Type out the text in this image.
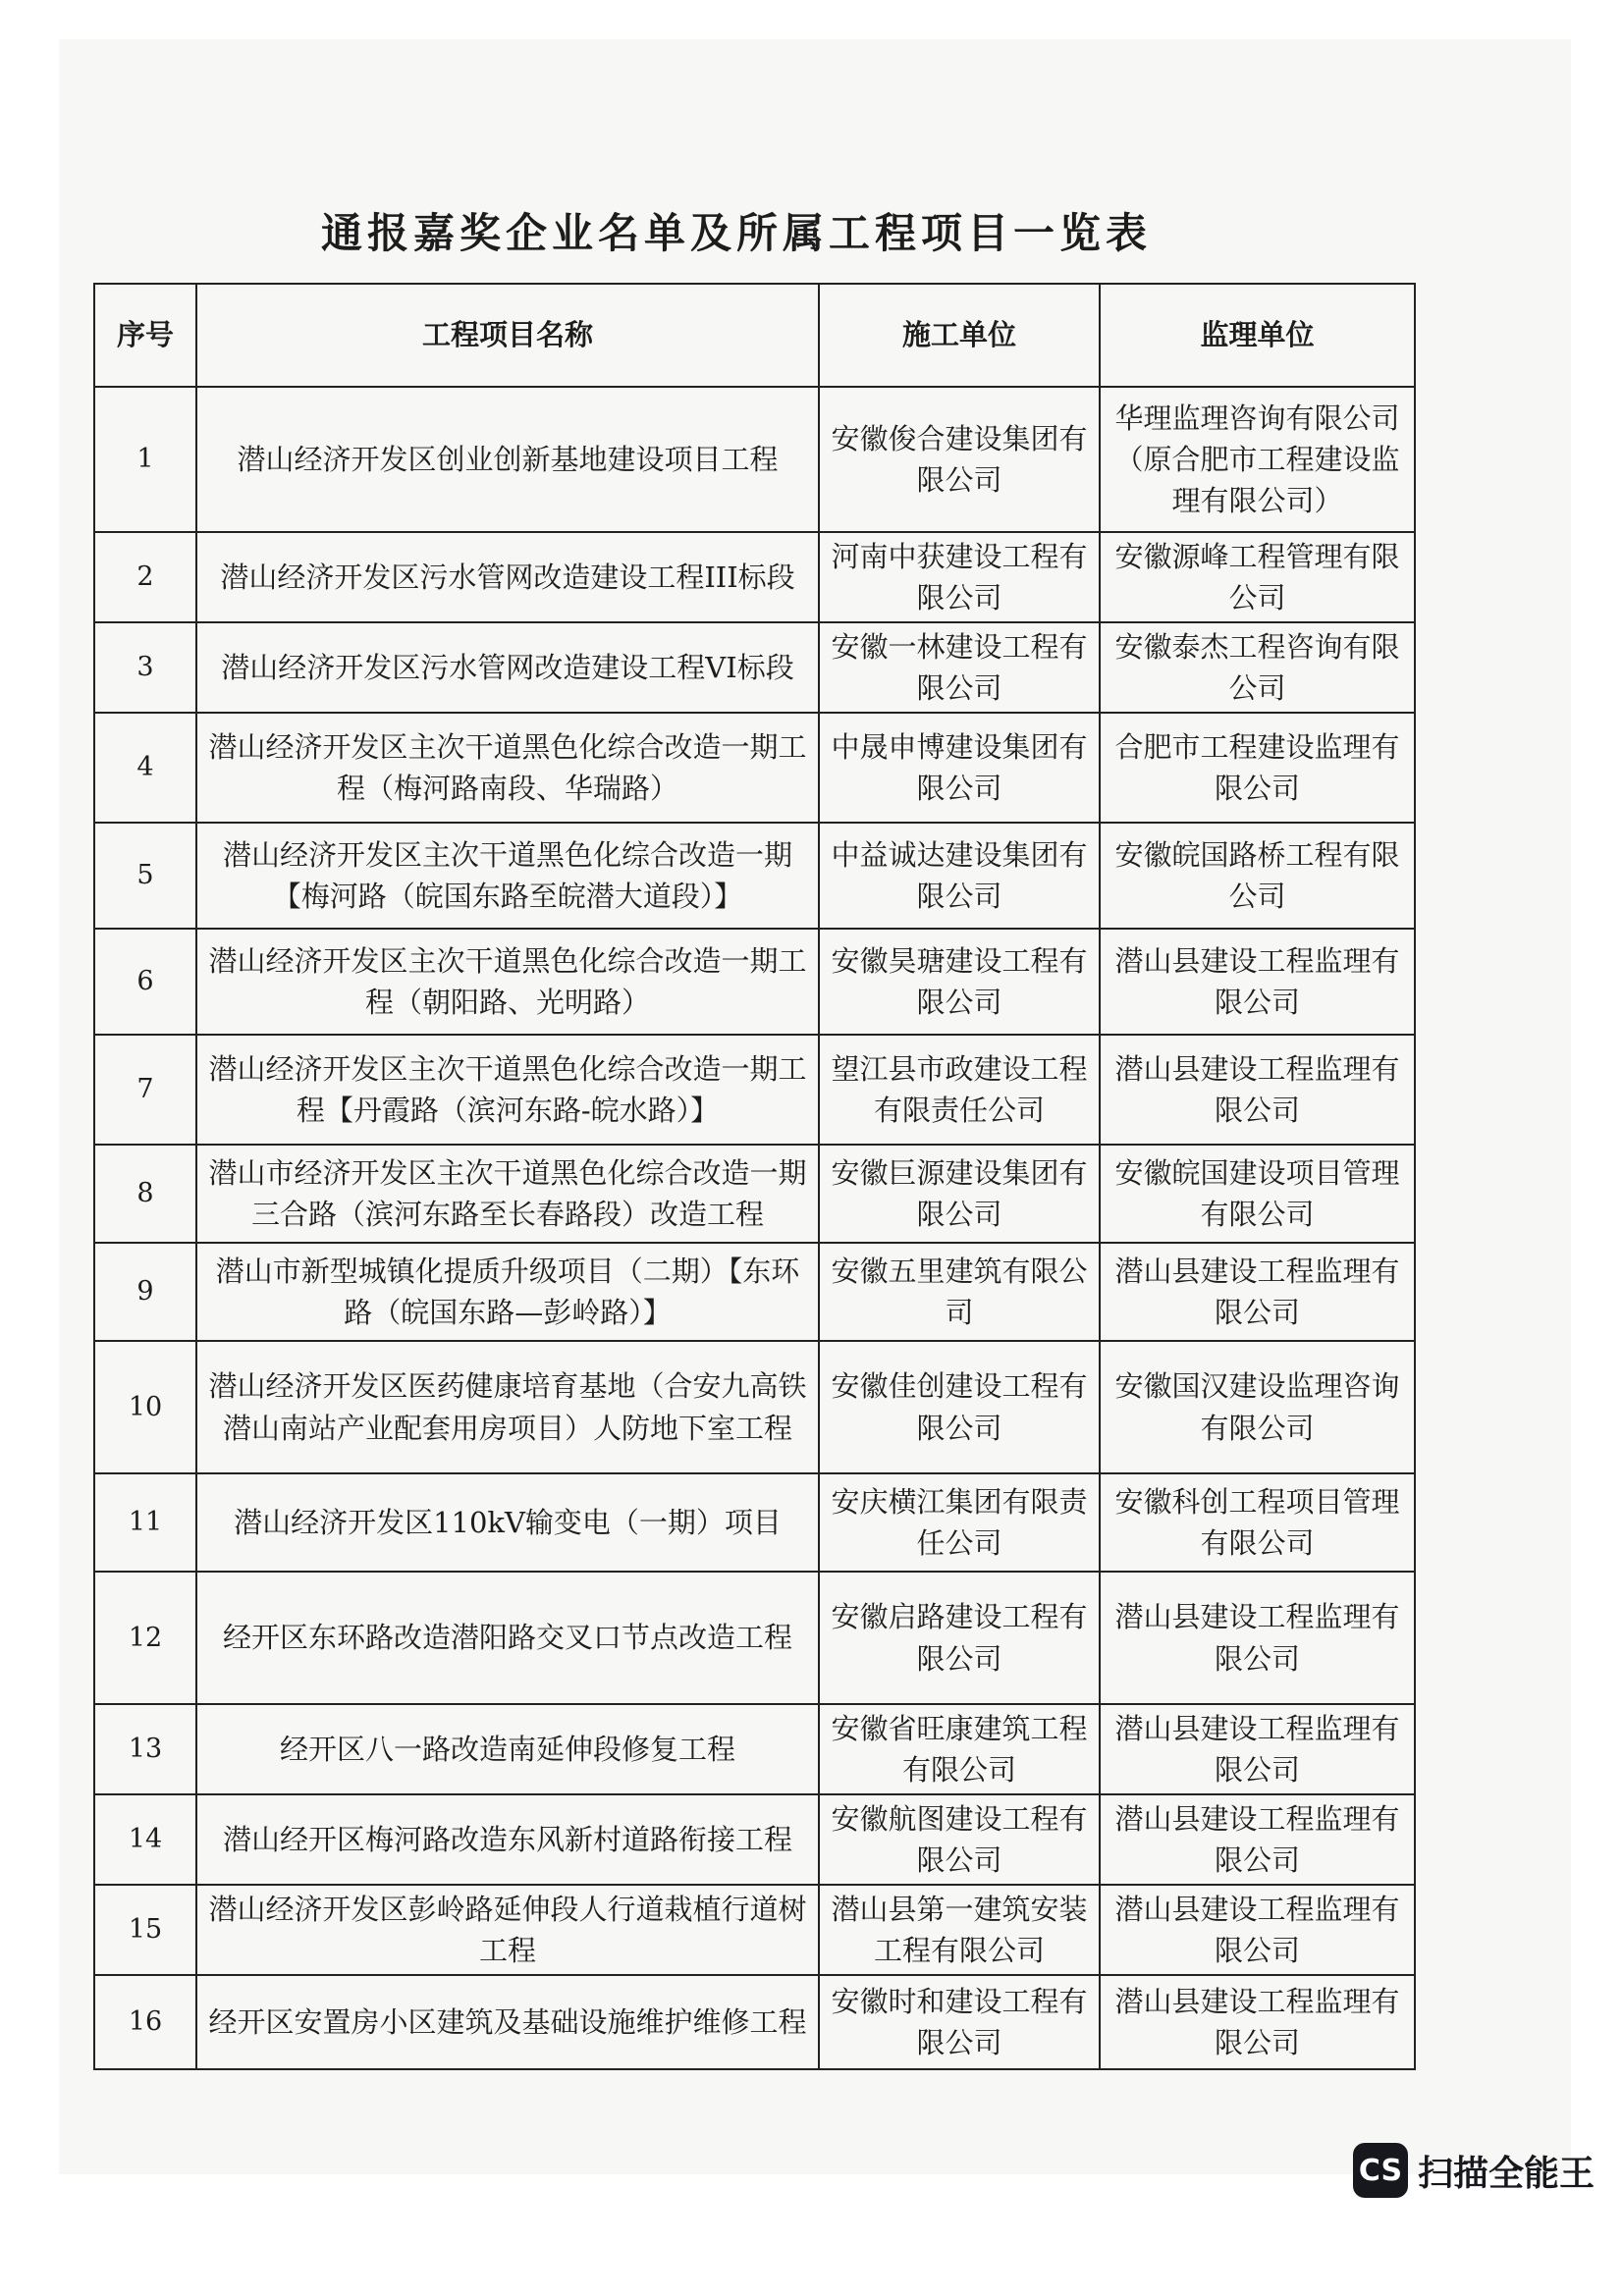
通报嘉奖企业名单及所属工程项目一览表
序号	工程项目名称	施工单位	监理单位
1	潜山经济开发区创业创新基地建设项目工程	安徽俊合建设集团有限公司	华理监理咨询有限公司（原合肥市工程建设监理有限公司）
2	潜山经济开发区污水管网改造建设工程III标段	河南中获建设工程有限公司	安徽源峰工程管理有限公司
3	潜山经济开发区污水管网改造建设工程VI标段	安徽一林建设工程有限公司	安徽泰杰工程咨询有限公司
4	潜山经济开发区主次干道黑色化综合改造一期工程（梅河路南段、华瑞路）	中晟申博建设集团有限公司	合肥市工程建设监理有限公司
5	潜山经济开发区主次干道黑色化综合改造一期【梅河路（皖国东路至皖潜大道段）】	中益诚达建设集团有限公司	安徽皖国路桥工程有限公司
6	潜山经济开发区主次干道黑色化综合改造一期工程（朝阳路、光明路）	安徽昊瑭建设工程有限公司	潜山县建设工程监理有限公司
7	潜山经济开发区主次干道黑色化综合改造一期工程【丹霞路（滨河东路-皖水路）】	望江县市政建设工程有限责任公司	潜山县建设工程监理有限公司
8	潜山市经济开发区主次干道黑色化综合改造一期三合路（滨河东路至长春路段）改造工程	安徽巨源建设集团有限公司	安徽皖国建设项目管理有限公司
9	潜山市新型城镇化提质升级项目（二期）【东环路（皖国东路—彭岭路）】	安徽五里建筑有限公司	潜山县建设工程监理有限公司
10	潜山经济开发区医药健康培育基地（合安九高铁潜山南站产业配套用房项目）人防地下室工程	安徽佳创建设工程有限公司	安徽国汉建设监理咨询有限公司
11	潜山经济开发区110kV输变电（一期）项目	安庆横江集团有限责任公司	安徽科创工程项目管理有限公司
12	经开区东环路改造潜阳路交叉口节点改造工程	安徽启路建设工程有限公司	潜山县建设工程监理有限公司
13	经开区八一路改造南延伸段修复工程	安徽省旺康建筑工程有限公司	潜山县建设工程监理有限公司
14	潜山经开区梅河路改造东风新村道路衔接工程	安徽航图建设工程有限公司	潜山县建设工程监理有限公司
15	潜山经济开发区彭岭路延伸段人行道栽植行道树工程	潜山县第一建筑安装工程有限公司	潜山县建设工程监理有限公司
16	经开区安置房小区建筑及基础设施维护维修工程	安徽时和建设工程有限公司	潜山县建设工程监理有限公司
CS 扫描全能王
